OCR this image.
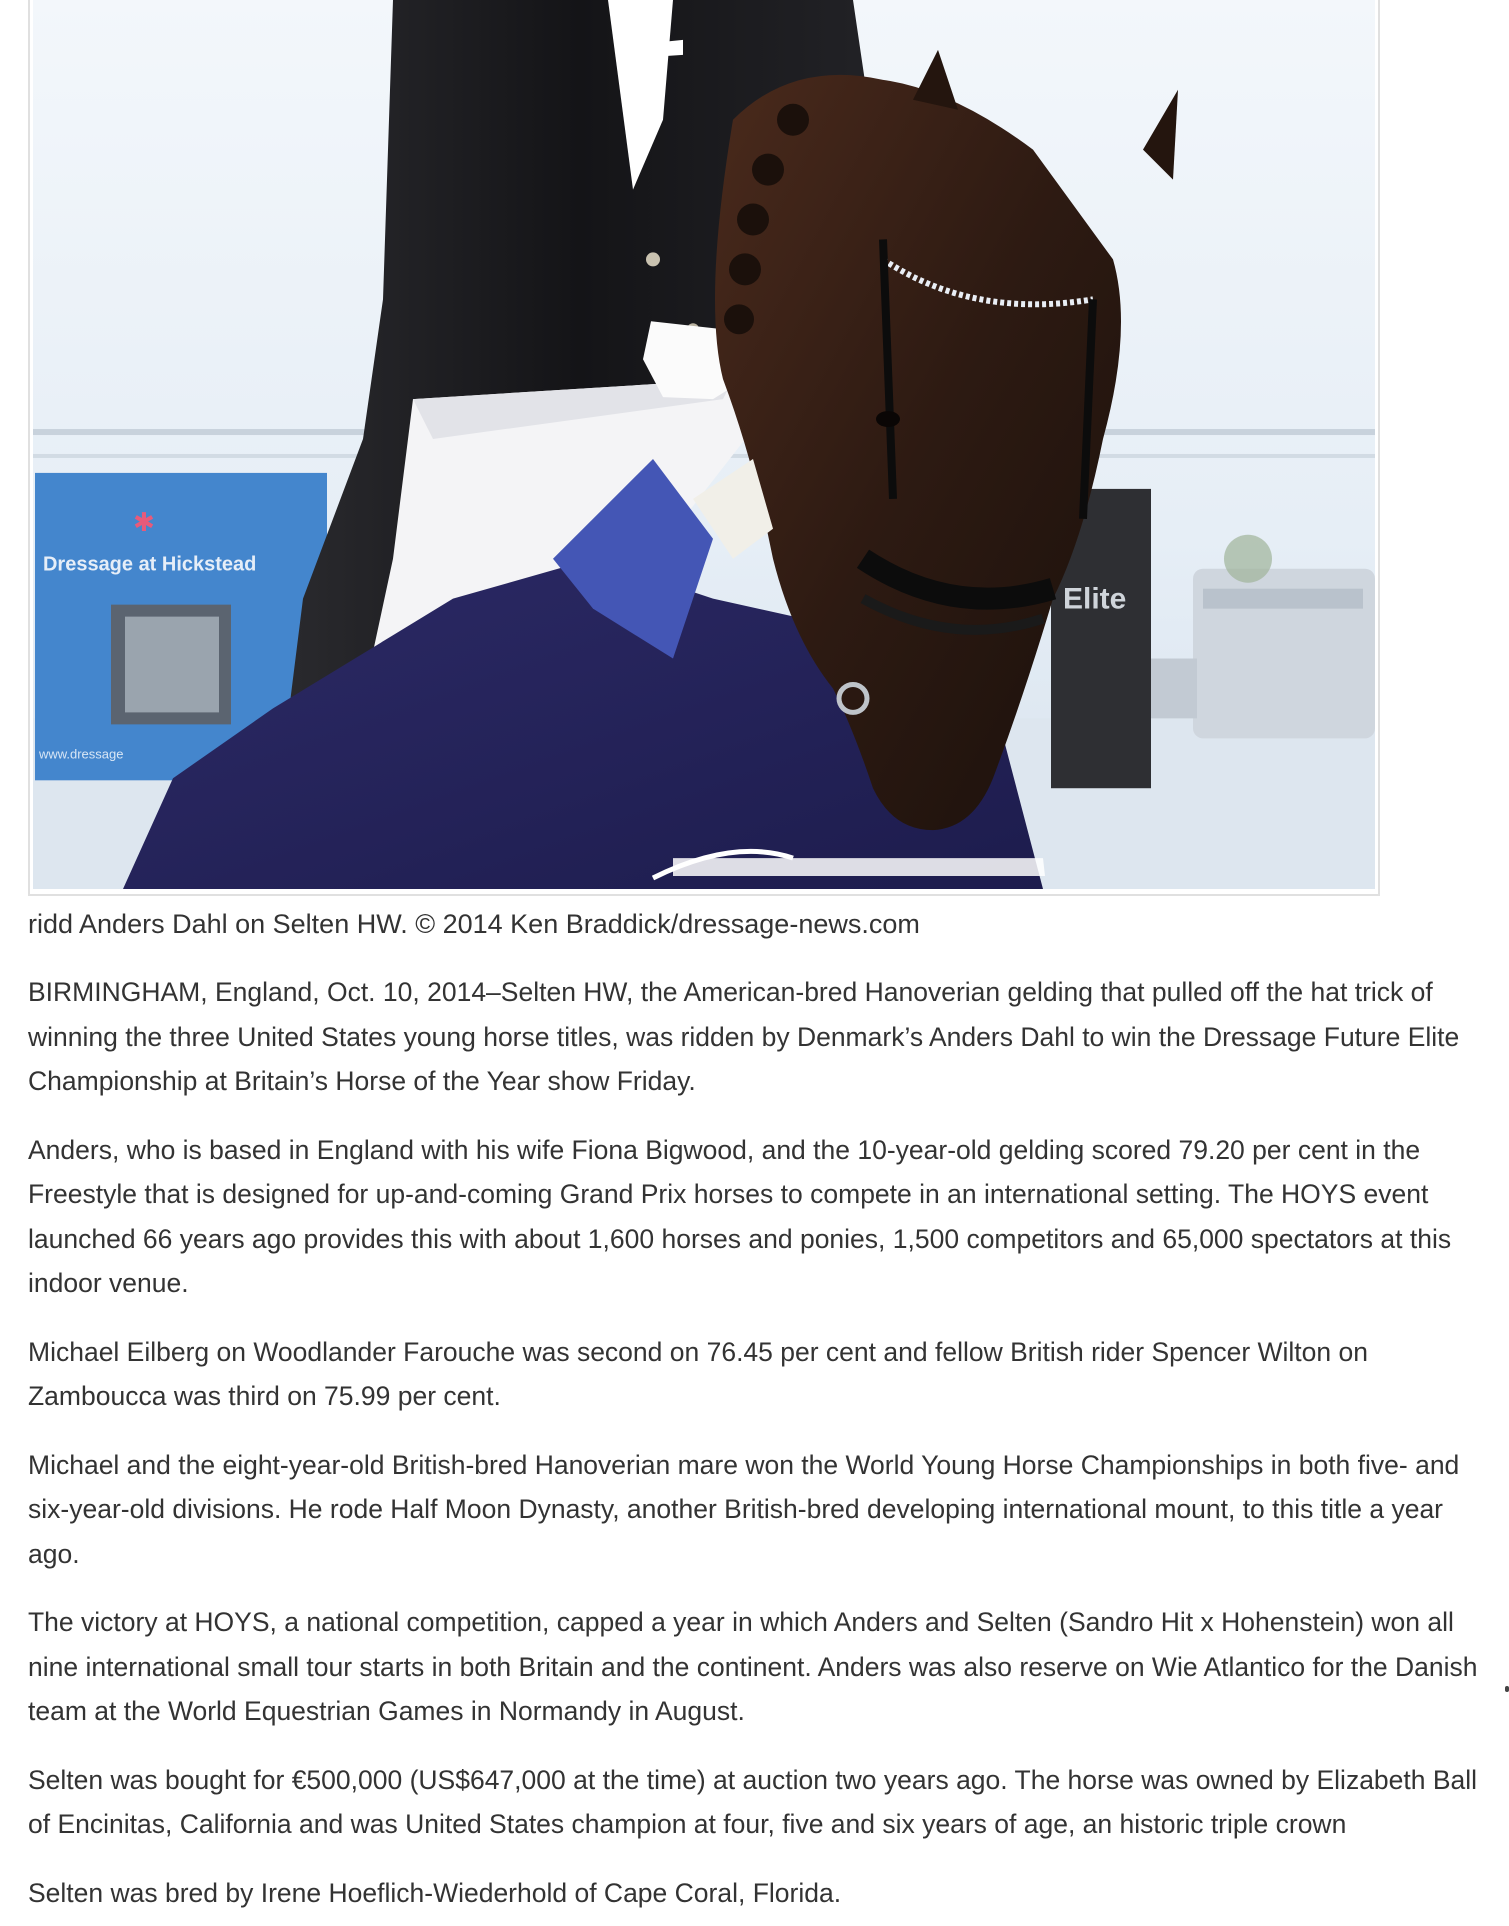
✱
Dressage at Hickstead
www.dressage
Elite

ridd Anders Dahl on Selten HW. © 2014 Ken Braddick/dressage-news.com

BIRMINGHAM, England, Oct. 10, 2014–Selten HW, the American-bred Hanoverian gelding that pulled off the hat trick of winning the three United States young horse titles, was ridden by Denmark’s Anders Dahl to win the Dressage Future Elite Championship at Britain’s Horse of the Year show Friday.

Anders, who is based in England with his wife Fiona Bigwood, and the 10-year-old gelding scored 79.20 per cent in the Freestyle that is designed for up-and-coming Grand Prix horses to compete in an international setting. The HOYS event launched 66 years ago provides this with about 1,600 horses and ponies, 1,500 competitors and 65,000 spectators at this indoor venue.

Michael Eilberg on Woodlander Farouche was second on 76.45 per cent and fellow British rider Spencer Wilton on Zamboucca was third on 75.99 per cent.

Michael and the eight-year-old British-bred Hanoverian mare won the World Young Horse Championships in both five- and six-year-old divisions. He rode Half Moon Dynasty, another British-bred developing international mount, to this title a year ago.

The victory at HOYS, a national competition, capped a year in which Anders and Selten (Sandro Hit x Hohenstein) won all nine international small tour starts in both Britain and the continent. Anders was also reserve on Wie Atlantico for the Danish team at the World Equestrian Games in Normandy in August.

Selten was bought for €500,000 (US$647,000 at the time) at auction two years ago. The horse was owned by Elizabeth Ball of Encinitas, California and was United States champion at four, five and six years of age, an historic triple crown

Selten was bred by Irene Hoeflich-Wiederhold of Cape Coral, Florida.
